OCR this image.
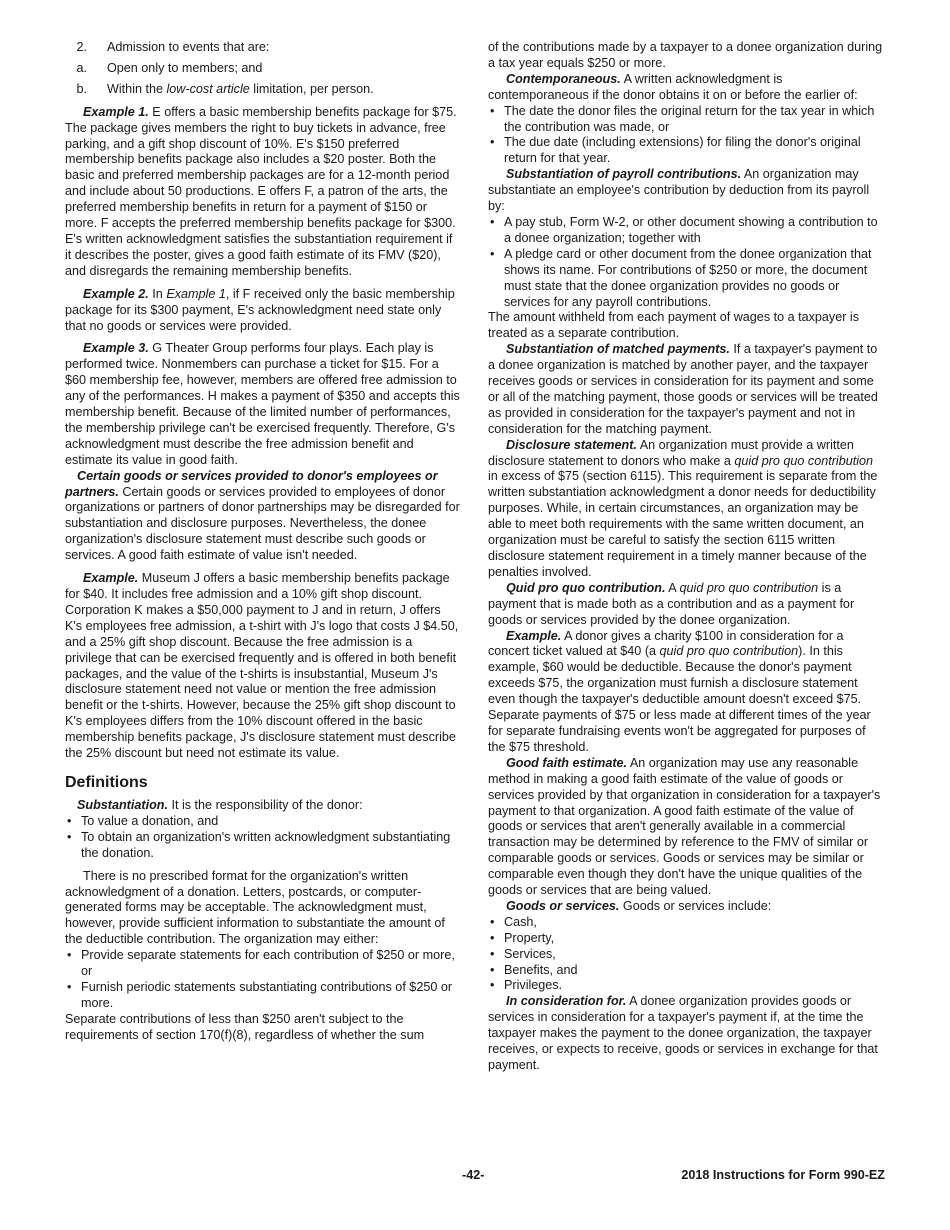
2. Admission to events that are:
a. Open only to members; and
b. Within the low-cost article limitation, per person.

Example 1. E offers a basic membership benefits package for $75. The package gives members the right to buy tickets in advance, free parking, and a gift shop discount of 10%. E's $150 preferred membership benefits package also includes a $20 poster. Both the basic and preferred membership packages are for a 12-month period and include about 50 productions. E offers F, a patron of the arts, the preferred membership benefits in return for a payment of $150 or more. F accepts the preferred membership benefits package for $300. E's written acknowledgment satisfies the substantiation requirement if it describes the poster, gives a good faith estimate of its FMV ($20), and disregards the remaining membership benefits.

Example 2. In Example 1, if F received only the basic membership package for its $300 payment, E's acknowledgment need state only that no goods or services were provided.

Example 3. G Theater Group performs four plays. Each play is performed twice. Nonmembers can purchase a ticket for $15. For a $60 membership fee, however, members are offered free admission to any of the performances. H makes a payment of $350 and accepts this membership benefit. Because of the limited number of performances, the membership privilege can't be exercised frequently. Therefore, G's acknowledgment must describe the free admission benefit and estimate its value in good faith.

Certain goods or services provided to donor's employees or partners. Certain goods or services provided to employees of donor organizations or partners of donor partnerships may be disregarded for substantiation and disclosure purposes. Nevertheless, the donee organization's disclosure statement must describe such goods or services. A good faith estimate of value isn't needed.

Example. Museum J offers a basic membership benefits package for $40. It includes free admission and a 10% gift shop discount. Corporation K makes a $50,000 payment to J and in return, J offers K's employees free admission, a t-shirt with J's logo that costs J $4.50, and a 25% gift shop discount. Because the free admission is a privilege that can be exercised frequently and is offered in both benefit packages, and the value of the t-shirts is insubstantial, Museum J's disclosure statement need not value or mention the free admission benefit or the t-shirts. However, because the 25% gift shop discount to K's employees differs from the 10% discount offered in the basic membership benefits package, J's disclosure statement must describe the 25% discount but need not estimate its value.

Definitions

Substantiation. It is the responsibility of the donor:

• To value a donation, and
• To obtain an organization's written acknowledgment substantiating the donation.

There is no prescribed format for the organization's written acknowledgment of a donation. Letters, postcards, or computer-generated forms may be acceptable. The acknowledgment must, however, provide sufficient information to substantiate the amount of the deductible contribution. The organization may either:

• Provide separate statements for each contribution of $250 or more, or
• Furnish periodic statements substantiating contributions of $250 or more.

Separate contributions of less than $250 aren't subject to the requirements of section 170(f)(8), regardless of whether the sum

of the contributions made by a taxpayer to a donee organization during a tax year equals $250 or more.

Contemporaneous. A written acknowledgment is contemporaneous if the donor obtains it on or before the earlier of:

• The date the donor files the original return for the tax year in which the contribution was made, or
• The due date (including extensions) for filing the donor's original return for that year.

Substantiation of payroll contributions. An organization may substantiate an employee's contribution by deduction from its payroll by:

• A pay stub, Form W-2, or other document showing a contribution to a donee organization; together with
• A pledge card or other document from the donee organization that shows its name. For contributions of $250 or more, the document must state that the donee organization provides no goods or services for any payroll contributions.

The amount withheld from each payment of wages to a taxpayer is treated as a separate contribution.

Substantiation of matched payments. If a taxpayer's payment to a donee organization is matched by another payer, and the taxpayer receives goods or services in consideration for its payment and some or all of the matching payment, those goods or services will be treated as provided in consideration for the taxpayer's payment and not in consideration for the matching payment.

Disclosure statement. An organization must provide a written disclosure statement to donors who make a quid pro quo contribution in excess of $75 (section 6115). This requirement is separate from the written substantiation acknowledgment a donor needs for deductibility purposes. While, in certain circumstances, an organization may be able to meet both requirements with the same written document, an organization must be careful to satisfy the section 6115 written disclosure statement requirement in a timely manner because of the penalties involved.

Quid pro quo contribution. A quid pro quo contribution is a payment that is made both as a contribution and as a payment for goods or services provided by the donee organization.

Example. A donor gives a charity $100 in consideration for a concert ticket valued at $40 (a quid pro quo contribution). In this example, $60 would be deductible. Because the donor's payment exceeds $75, the organization must furnish a disclosure statement even though the taxpayer's deductible amount doesn't exceed $75. Separate payments of $75 or less made at different times of the year for separate fundraising events won't be aggregated for purposes of the $75 threshold.

Good faith estimate. An organization may use any reasonable method in making a good faith estimate of the value of goods or services provided by that organization in consideration for a taxpayer's payment to that organization. A good faith estimate of the value of goods or services that aren't generally available in a commercial transaction may be determined by reference to the FMV of similar or comparable goods or services. Goods or services may be similar or comparable even though they don't have the unique qualities of the goods or services that are being valued.

Goods or services. Goods or services include:

• Cash,
• Property,
• Services,
• Benefits, and
• Privileges.

In consideration for. A donee organization provides goods or services in consideration for a taxpayer's payment if, at the time the taxpayer makes the payment to the donee organization, the taxpayer receives, or expects to receive, goods or services in exchange for that payment.

-42-	2018 Instructions for Form 990-EZ
